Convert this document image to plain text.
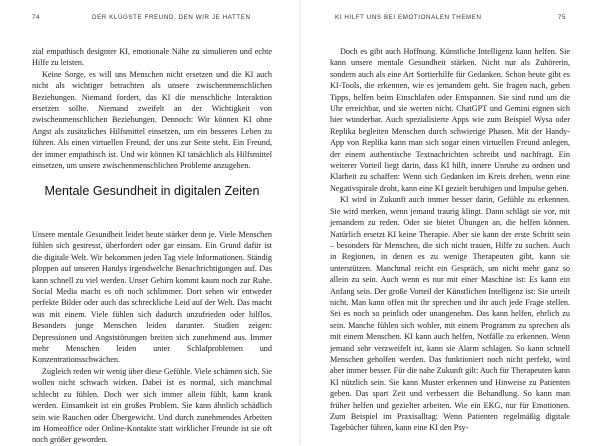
74	DER KLÜGSTE FREUND, DEN WIR JE HATTEN

zial empathisch designter KI, emotionale Nähe zu simulieren und echte Hilfe zu leisten.

Keine Sorge, es will uns Menschen nicht ersetzen und die KI auch nicht als wichtiger betrachten als unsere zwischenmenschlichen Beziehungen. Niemand fordert, das KI die menschliche Interaktion ersetzen sollte. Niemand zweifelt an der Wichtigkeit von zwischenmenschlichen Beziehungen. Dennoch: Wir können KI ohne Angst als zusätzliches Hilfsmittel einsetzen, um ein besseres Leben zu führen. Als einen virtuellen Freund, der uns zur Seite steht. Ein Freund, der immer empathisch ist. Und wir können KI tatsächlich als Hilfsmittel einsetzen, um unsere zwischenmenschlichen Probleme anzugehen.

Mentale Gesundheit in digitalen Zeiten

Unsere mentale Gesundheit leidet heute stärker denn je. Viele Menschen fühlen sich gestresst, überfordert oder gar einsam. Ein Grund dafür ist die digitale Welt. Wir bekommen jeden Tag viele Informationen. Ständig ploppen auf unseren Handys irgendwelche Benachrichtigungen auf. Das kann schnell zu viel werden. Unser Gehirn kommt kaum noch zur Ruhe. Social Media macht es oft noch schlimmer. Dort sehen wir entweder perfekte Bilder oder auch das schreckliche Leid auf der Welt. Das macht was mit einem. Viele fühlen sich dadurch unzufrieden oder hilflos. Besonders junge Menschen leiden darunter. Studien zeigen: Depressionen und Angststörungen breiten sich zunehmend aus. Immer mehr Menschen leiden unter Schlafproblemen und Konzentrationsschwächen.

Zugleich reden wir wenig über diese Gefühle. Viele schämen sich. Sie wollen nicht schwach wirken. Dabei ist es normal, sich manchmal schlecht zu fühlen. Doch wer sich immer allein fühlt, kann krank werden. Einsamkeit ist ein großes Problem. Sie kann ähnlich schädlich sein wie Rauchen oder Übergewicht. Und durch zunehmendes Arbeiten im Homeoffice oder Online-Kontakte statt wirklicher Freunde ist sie oft noch größer geworden.

KI HILFT UNS BEI EMOTIONALEN THEMEN	75

Doch es gibt auch Hoffnung. Künstliche Intelligenz kann helfen. Sie kann unsere mentale Gesundheit stärken. Nicht nur als Zuhörerin, sondern auch als eine Art Sortierhilfe für Gedanken. Schon heute gibt es KI-Tools, die erkennen, wie es jemandem geht. Sie fragen nach, geben Tipps, helfen beim Einschlafen oder Entspannen. Sie sind rund um die Uhr erreichbar, und sie werten nicht. ChatGPT und Gemini eignen sich hier wunderbar. Auch spezialisierte Apps wie zum Beispiel Wysa oder Replika begleiten Menschen durch schwierige Phasen. Mit der Handy-App von Replika kann man sich sogar einen virtuellen Freund anlegen, der einem authentische Textnachrichten schreibt und nachfragt. Ein weiterer Vorteil liegt darin, dass KI hilft, innere Unruhe zu ordnen und Klarheit zu schaffen: Wenn sich Gedanken im Kreis drehen, wenn eine Negativspirale droht, kann eine KI gezielt beruhigen und Impulse geben.

KI wird in Zukunft auch immer besser darin, Gefühle zu erkennen. Sie wird merken, wenn jemand traurig klingt. Dann schlägt sie vor, mit jemandem zu reden. Oder sie bietet Übungen an, die helfen können. Natürlich ersetzt KI keine Therapie. Aber sie kann der erste Schritt sein – besonders für Menschen, die sich nicht trauen, Hilfe zu suchen. Auch in Regionen, in denen es zu wenige Therapeuten gibt, kann sie unterstützen. Manchmal reicht ein Gespräch, um nicht mehr ganz so allein zu sein. Auch wenn es nur mit einer Maschine ist: Es kann ein Anfang sein. Der große Vorteil der Künstlichen Intelligenz ist: Sie urteilt nicht. Man kann offen mit ihr sprechen und ihr auch jede Frage stellen. Sei es noch so peinlich oder unangenehm. Das kann helfen, ehrlich zu sein. Manche fühlen sich wohler, mit einem Programm zu sprechen als mit einem Menschen. KI kann auch helfen, Notfälle zu erkennen. Wenn jemand sehr verzweifelt ist, kann sie Alarm schlagen. So kann schnell Menschen geholfen werden. Das funktioniert noch nicht perfekt, wird aber immer besser. Für die nahe Zukunft gilt: Auch für Therapeuten kann KI nützlich sein. Sie kann Muster erkennen und Hinweise zu Patienten geben. Das spart Zeit und verbessert die Behandlung. So kann man früher helfen und gezielter arbeiten. Wie ein EKG, nur für Emotionen. Zum Beispiel im Praxisalltag: Wenn Patienten regelmäßig digitale Tagebücher führen, kann eine KI den Psy-
